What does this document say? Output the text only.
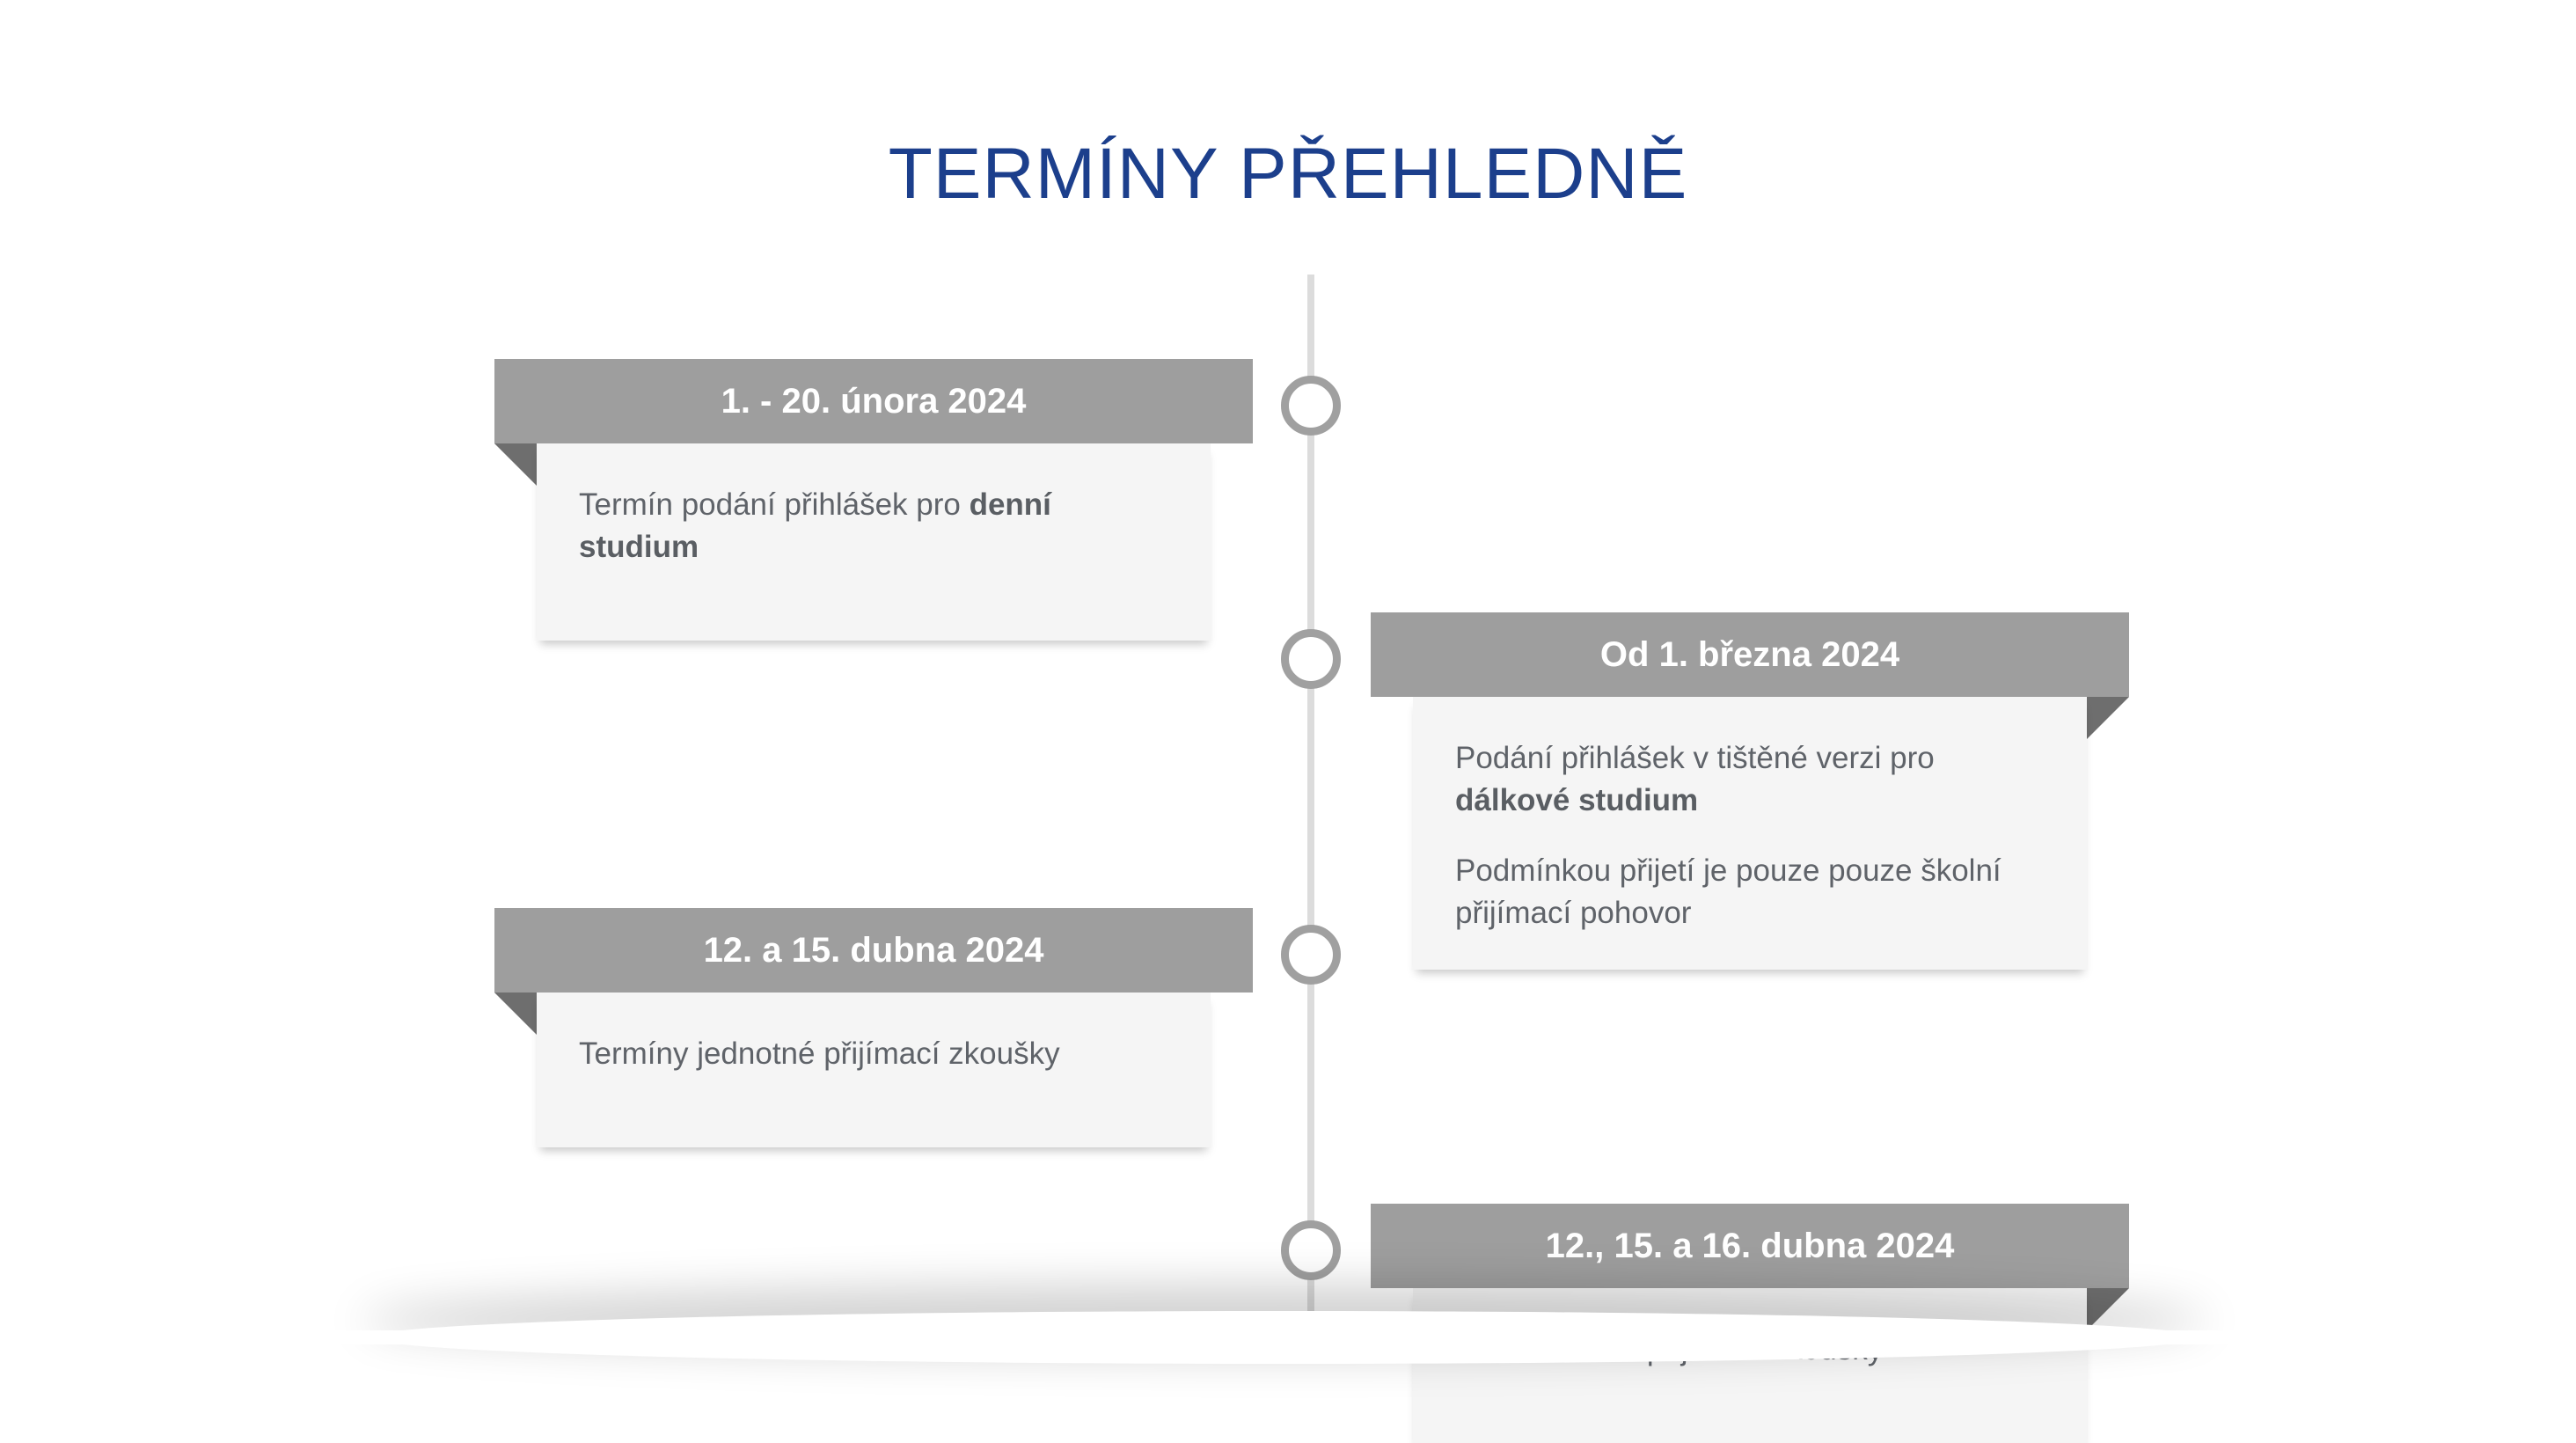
TERMÍNY PŘEHLEDNĚ
1. - 20. února 2024

Termín podání přihlášek pro denní studium

Od 1. března 2024

Podání přihlášek v tištěné verzi pro dálkové studium

Podmínkou přijetí je pouze pouze školní přijímací pohovor

12. a 15. dubna 2024

Termíny jednotné přijímací zkoušky

12., 15. a 16. dubna 2024
